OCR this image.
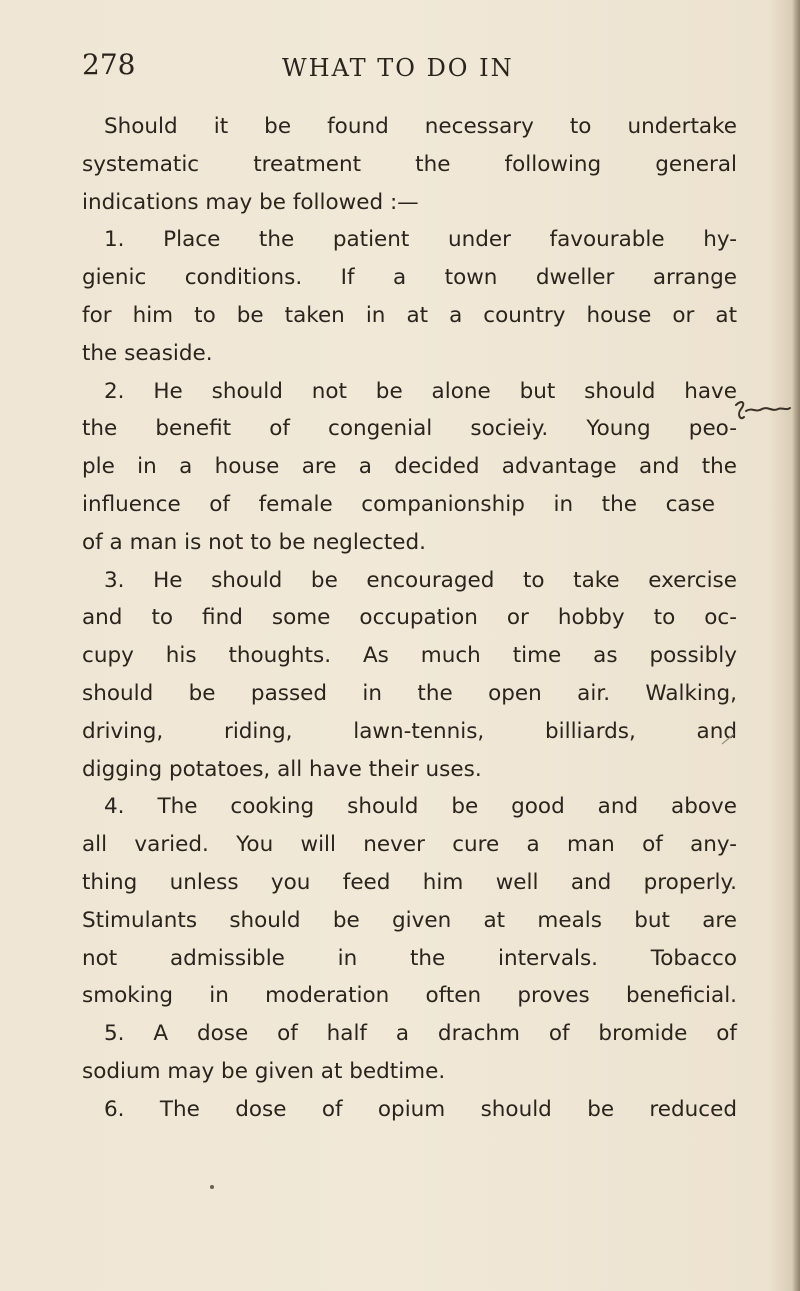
278	WHAT TO DO IN
Should it be found necessary to undertake
systematic treatment the following general
indications may be followed :—
1. Place the patient under favourable hy-
gienic conditions. If a town dweller arrange
for him to be taken in at a country house or at
the seaside.
2. He should not be alone but should have
the benefit of congenial socieiy. Young peo-
ple in a house are a decided advantage and the
influence of female companionship in the case
of a man is not to be neglected.
3. He should be encouraged to take exercise
and to find some occupation or hobby to oc-
cupy his thoughts. As much time as possibly
should be passed in the open air. Walking,
driving, riding, lawn-tennis, billiards, and
digging potatoes, all have their uses.
4. The cooking should be good and above
all varied. You will never cure a man of any-
thing unless you feed him well and properly.
Stimulants should be given at meals but are
not admissible in the intervals. Tobacco
smoking in moderation often proves beneficial.
5. A dose of half a drachm of bromide of
sodium may be given at bedtime.
6. The dose of opium should be reduced
